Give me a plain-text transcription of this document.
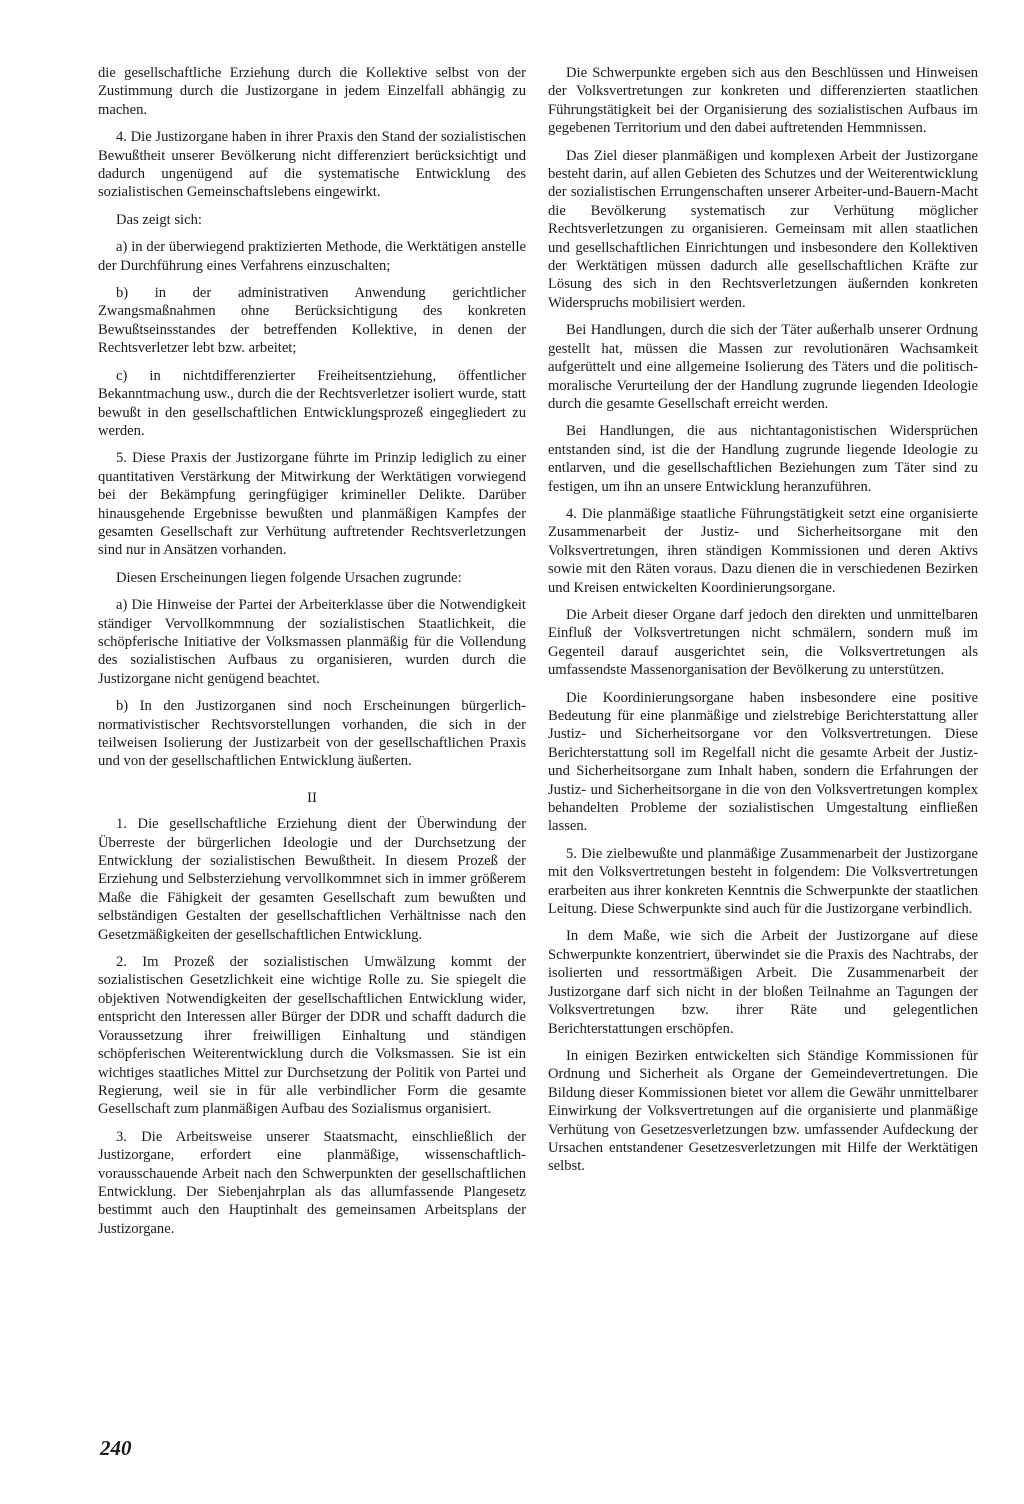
die gesellschaftliche Erziehung durch die Kollektive selbst von der Zustimmung durch die Justizorgane in jedem Einzelfall abhängig zu machen.

4. Die Justizorgane haben in ihrer Praxis den Stand der sozialistischen Bewußtheit unserer Bevölkerung nicht differenziert berücksichtigt und dadurch ungenügend auf die systematische Entwicklung des sozialistischen Gemeinschaftslebens eingewirkt.

Das zeigt sich:

a) in der überwiegend praktizierten Methode, die Werktätigen anstelle der Durchführung eines Verfahrens einzuschalten;

b) in der administrativen Anwendung gerichtlicher Zwangsmaßnahmen ohne Berücksichtigung des konkreten Bewußtseinsstandes der betreffenden Kollektive, in denen der Rechtsverletzer lebt bzw. arbeitet;

c) in nichtdifferenzierter Freiheitsentziehung, öffentlicher Bekanntmachung usw., durch die der Rechtsverletzer isoliert wurde, statt bewußt in den gesellschaftlichen Entwicklungsprozeß eingegliedert zu werden.

5. Diese Praxis der Justizorgane führte im Prinzip lediglich zu einer quantitativen Verstärkung der Mitwirkung der Werktätigen vorwiegend bei der Bekämpfung geringfügiger krimineller Delikte. Darüber hinausgehende Ergebnisse bewußten und planmäßigen Kampfes der gesamten Gesellschaft zur Verhütung auftretender Rechtsverletzungen sind nur in Ansätzen vorhanden.

Diesen Erscheinungen liegen folgende Ursachen zugrunde:

a) Die Hinweise der Partei der Arbeiterklasse über die Notwendigkeit ständiger Vervollkommnung der sozialistischen Staatlichkeit, die schöpferische Initiative der Volksmassen planmäßig für die Vollendung des sozialistischen Aufbaus zu organisieren, wurden durch die Justizorgane nicht genügend beachtet.

b) In den Justizorganen sind noch Erscheinungen bürgerlich-normativistischer Rechtsvorstellungen vorhanden, die sich in der teilweisen Isolierung der Justizarbeit von der gesellschaftlichen Praxis und von der gesellschaftlichen Entwicklung äußerten.

II

1. Die gesellschaftliche Erziehung dient der Überwindung der Überreste der bürgerlichen Ideologie und der Durchsetzung der Entwicklung der sozialistischen Bewußtheit. In diesem Prozeß der Erziehung und Selbsterziehung vervollkommnet sich in immer größerem Maße die Fähigkeit der gesamten Gesellschaft zum bewußten und selbständigen Gestalten der gesellschaftlichen Verhältnisse nach den Gesetzmäßigkeiten der gesellschaftlichen Entwicklung.

2. Im Prozeß der sozialistischen Umwälzung kommt der sozialistischen Gesetzlichkeit eine wichtige Rolle zu. Sie spiegelt die objektiven Notwendigkeiten der gesellschaftlichen Entwicklung wider, entspricht den Interessen aller Bürger der DDR und schafft dadurch die Voraussetzung ihrer freiwilligen Einhaltung und ständigen schöpferischen Weiterentwicklung durch die Volksmassen. Sie ist ein wichtiges staatliches Mittel zur Durchsetzung der Politik von Partei und Regierung, weil sie in für alle verbindlicher Form die gesamte Gesellschaft zum planmäßigen Aufbau des Sozialismus organisiert.

3. Die Arbeitsweise unserer Staatsmacht, einschließlich der Justizorgane, erfordert eine planmäßige, wissenschaftlich-vorausschauende Arbeit nach den Schwerpunkten der gesellschaftlichen Entwicklung. Der Siebenjahrplan als das allumfassende Plangesetz bestimmt auch den Hauptinhalt des gemeinsamen Arbeitsplans der Justizorgane.

Die Schwerpunkte ergeben sich aus den Beschlüssen und Hinweisen der Volksvertretungen zur konkreten und differenzierten staatlichen Führungstätigkeit bei der Organisierung des sozialistischen Aufbaus im gegebenen Territorium und den dabei auftretenden Hemmnissen.

Das Ziel dieser planmäßigen und komplexen Arbeit der Justizorgane besteht darin, auf allen Gebieten des Schutzes und der Weiterentwicklung der sozialistischen Errungenschaften unserer Arbeiter-und-Bauern-Macht die Bevölkerung systematisch zur Verhütung möglicher Rechtsverletzungen zu organisieren. Gemeinsam mit allen staatlichen und gesellschaftlichen Einrichtungen und insbesondere den Kollektiven der Werktätigen müssen dadurch alle gesellschaftlichen Kräfte zur Lösung des sich in den Rechtsverletzungen äußernden konkreten Widerspruchs mobilisiert werden.

Bei Handlungen, durch die sich der Täter außerhalb unserer Ordnung gestellt hat, müssen die Massen zur revolutionären Wachsamkeit aufgerüttelt und eine allgemeine Isolierung des Täters und die politisch-moralische Verurteilung der der Handlung zugrunde liegenden Ideologie durch die gesamte Gesellschaft erreicht werden.

Bei Handlungen, die aus nichtantagonistischen Widersprüchen entstanden sind, ist die der Handlung zugrunde liegende Ideologie zu entlarven, und die gesellschaftlichen Beziehungen zum Täter sind zu festigen, um ihn an unsere Entwicklung heranzuführen.

4. Die planmäßige staatliche Führungstätigkeit setzt eine organisierte Zusammenarbeit der Justiz- und Sicherheitsorgane mit den Volksvertretungen, ihren ständigen Kommissionen und deren Aktivs sowie mit den Räten voraus. Dazu dienen die in verschiedenen Bezirken und Kreisen entwickelten Koordinierungsorgane.

Die Arbeit dieser Organe darf jedoch den direkten und unmittelbaren Einfluß der Volksvertretungen nicht schmälern, sondern muß im Gegenteil darauf ausgerichtet sein, die Volksvertretungen als umfassendste Massenorganisation der Bevölkerung zu unterstützen.

Die Koordinierungsorgane haben insbesondere eine positive Bedeutung für eine planmäßige und zielstrebige Berichterstattung aller Justiz- und Sicherheitsorgane vor den Volksvertretungen. Diese Berichterstattung soll im Regelfall nicht die gesamte Arbeit der Justiz- und Sicherheitsorgane zum Inhalt haben, sondern die Erfahrungen der Justiz- und Sicherheitsorgane in die von den Volksvertretungen komplex behandelten Probleme der sozialistischen Umgestaltung einfließen lassen.

5. Die zielbewußte und planmäßige Zusammenarbeit der Justizorgane mit den Volksvertretungen besteht in folgendem: Die Volksvertretungen erarbeiten aus ihrer konkreten Kenntnis die Schwerpunkte der staatlichen Leitung. Diese Schwerpunkte sind auch für die Justizorgane verbindlich.

In dem Maße, wie sich die Arbeit der Justizorgane auf diese Schwerpunkte konzentriert, überwindet sie die Praxis des Nachtrabs, der isolierten und ressortmäßigen Arbeit. Die Zusammenarbeit der Justizorgane darf sich nicht in der bloßen Teilnahme an Tagungen der Volksvertretungen bzw. ihrer Räte und gelegentlichen Berichterstattungen erschöpfen.

In einigen Bezirken entwickelten sich Ständige Kommissionen für Ordnung und Sicherheit als Organe der Gemeindevertretungen. Die Bildung dieser Kommissionen bietet vor allem die Gewähr unmittelbarer Einwirkung der Volksvertretungen auf die organisierte und planmäßige Verhütung von Gesetzesverletzungen bzw. umfassender Aufdeckung der Ursachen entstandener Gesetzesverletzungen mit Hilfe der Werktätigen selbst.

240
